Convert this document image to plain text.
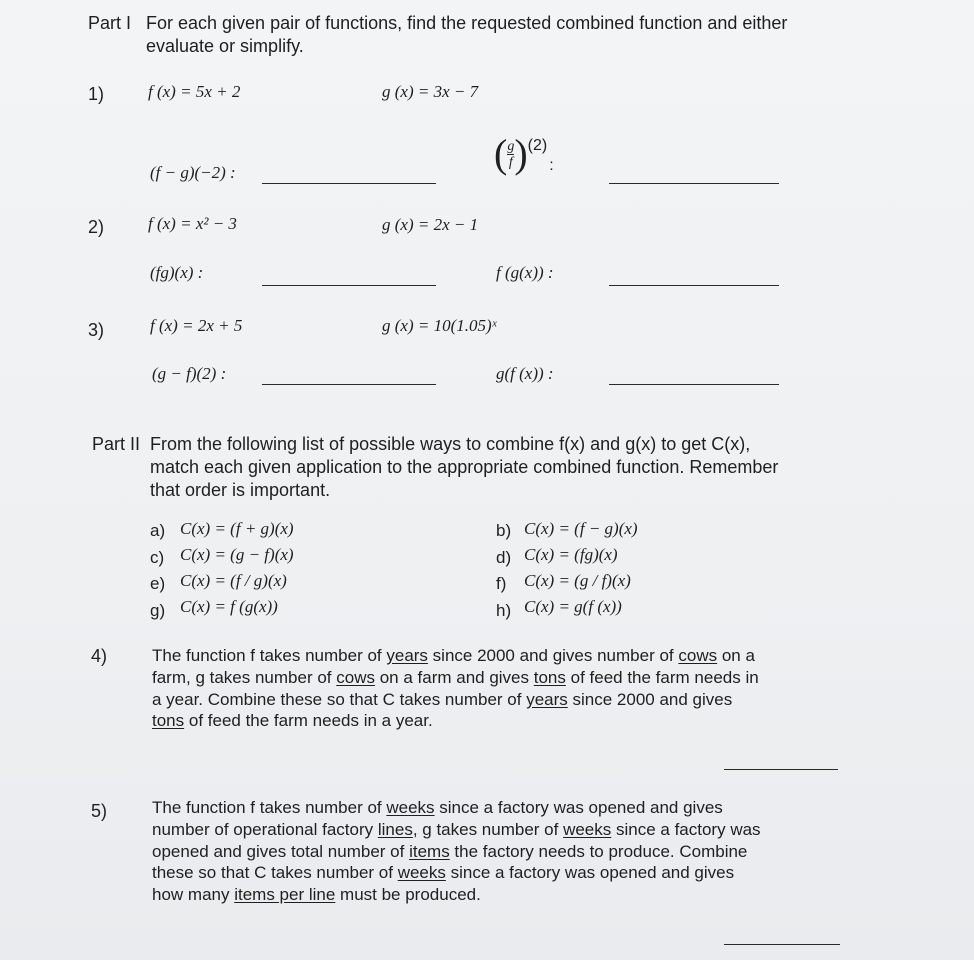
Part I For each given pair of functions, find the requested combined function and either
evaluate or simplify.
1)	f (x) = 5x + 2	g (x) = 3x − 7
(f − g)(−2) :	( $\frac{g}{f} )(2)$:
2)	f (x) = x² − 3	g (x) = 2x − 1
(fg)(x) :	f (g(x)) :
3)	f (x) = 2x + 5	g (x) = 10(1.05)ˣ
(g − f)(2) :	g(f (x)) :
Part II From the following list of possible ways to combine f(x) and g(x) to get C(x),
match each given application to the appropriate combined function. Remember
that order is important.
a) C(x) = (f + g)(x)	b) C(x) = (f − g)(x)
c) C(x) = (g − f)(x)	d) C(x) = (fg)(x)
e) C(x) = (f / g)(x)	f) C(x) = (g / f)(x)
g) C(x) = f (g(x))	h) C(x) = g(f (x))
4)	The function f takes number of years since 2000 and gives number of cows on a
farm, g takes number of cows on a farm and gives tons of feed the farm needs in
a year. Combine these so that C takes number of years since 2000 and gives
tons of feed the farm needs in a year.
5)	The function f takes number of weeks since a factory was opened and gives
number of operational factory lines, g takes number of weeks since a factory was
opened and gives total number of items the factory needs to produce. Combine
these so that C takes number of weeks since a factory was opened and gives
how many items per line must be produced.
